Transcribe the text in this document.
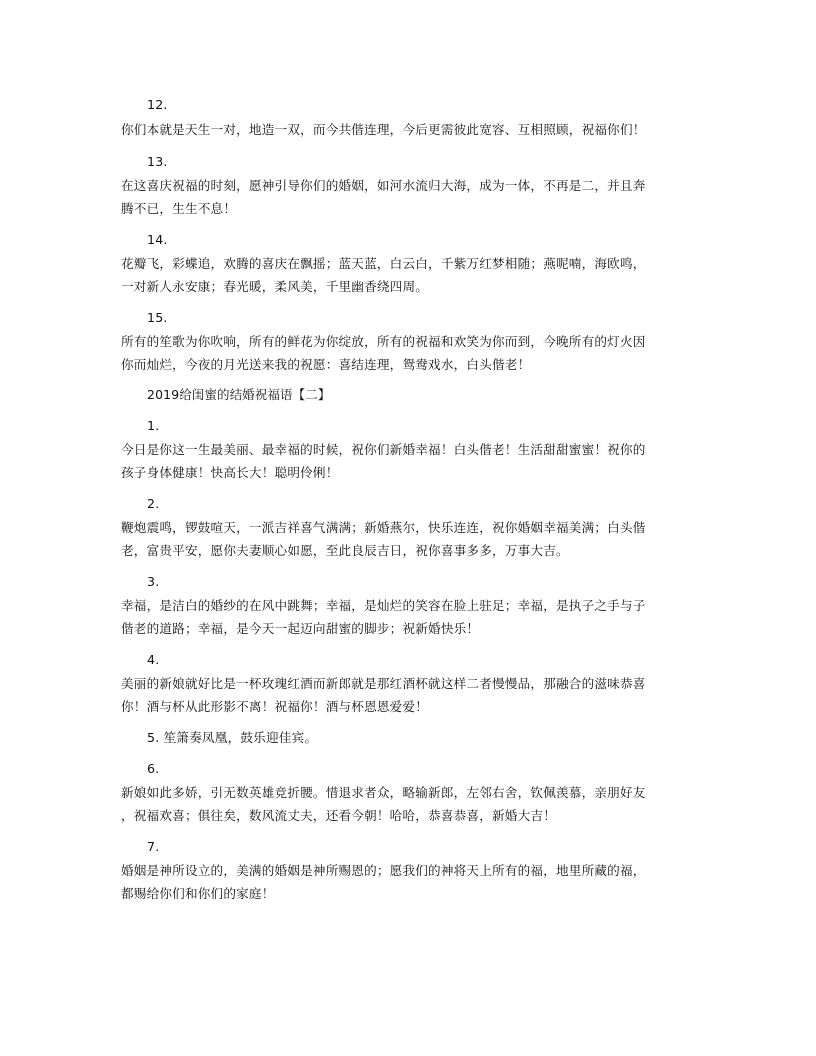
12.
你们本就是天生一对，地造一双，而今共偕连理，今后更需彼此宽容、互相照顾，祝福你们！
13.
在这喜庆祝福的时刻，愿神引导你们的婚姻，如河水流归大海，成为一体，不再是二，并且奔
腾不已，生生不息！
14.
花瓣飞，彩蝶追，欢腾的喜庆在飘摇；蓝天蓝，白云白，千紫万红梦相随；燕呢喃，海欧鸣，
一对新人永安康；春光暖，柔风美，千里幽香绕四周。
15.
所有的笙歌为你吹响，所有的鲜花为你绽放，所有的祝福和欢笑为你而到，今晚所有的灯火因
你而灿烂，今夜的月光送来我的祝愿：喜结连理，鸳鸯戏水，白头偕老！
2019给闺蜜的结婚祝福语【二】
1.
今日是你这一生最美丽、最幸福的时候，祝你们新婚幸福！白头偕老！生活甜甜蜜蜜！祝你的
孩子身体健康！快高长大！聪明伶俐！
2.
鞭炮震鸣，锣鼓喧天，一派吉祥喜气满满；新婚燕尔，快乐连连，祝你婚姻幸福美满；白头偕
老，富贵平安，愿你夫妻顺心如愿，至此良辰吉日，祝你喜事多多，万事大吉。
3.
幸福，是洁白的婚纱的在风中跳舞；幸福，是灿烂的笑容在脸上驻足；幸福，是执子之手与子
偕老的道路；幸福，是今天一起迈向甜蜜的脚步；祝新婚快乐！
4.
美丽的新娘就好比是一杯玫瑰红酒而新郎就是那红酒杯就这样二者慢慢品，那融合的滋味恭喜
你！酒与杯从此形影不离！祝福你！酒与杯恩恩爱爱！
5. 笙箫奏凤凰，鼓乐迎佳宾。
6.
新娘如此多娇，引无数英雄竞折腰。惜退求者众，略输新郎，左邻右舍，钦佩羡慕，亲朋好友
，祝福欢喜；俱往矣，数风流丈夫，还看今朝！哈哈，恭喜恭喜，新婚大吉！
7.
婚姻是神所设立的，美满的婚姻是神所赐恩的；愿我们的神将天上所有的福，地里所藏的福，
都赐给你们和你们的家庭！
